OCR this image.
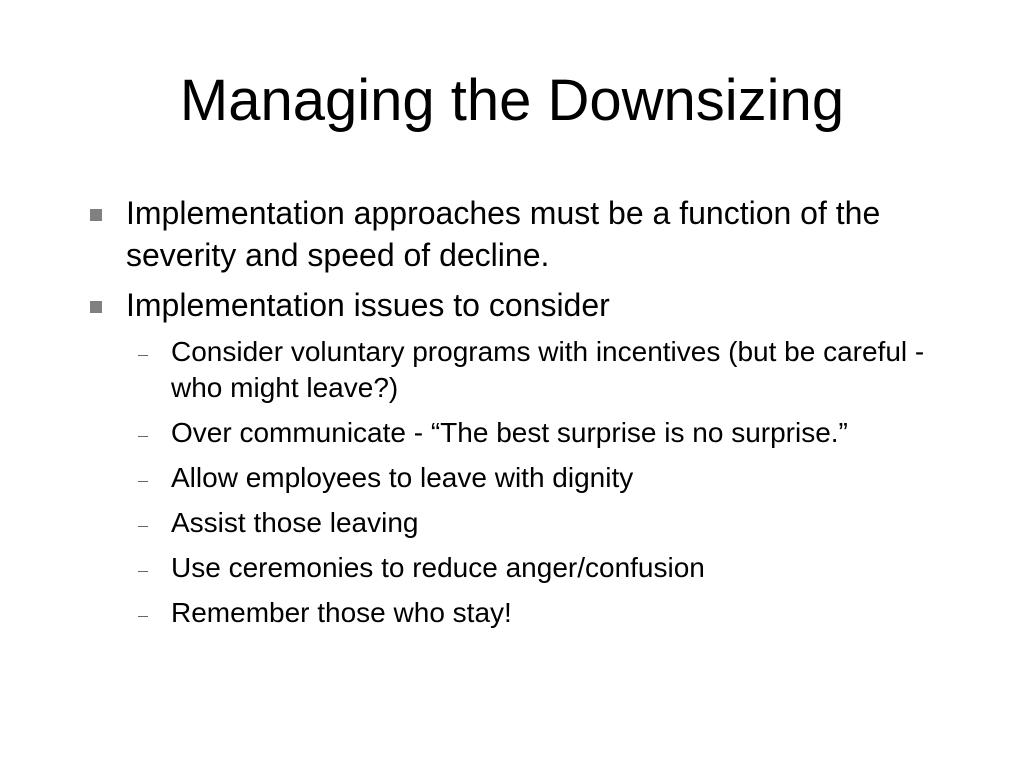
Managing the Downsizing
Implementation approaches must be a function of the severity and speed of decline.
Implementation issues to consider
Consider voluntary programs with incentives (but be careful - who might leave?)
Over communicate - “The best surprise is no surprise.”
Allow employees to leave with dignity
Assist those leaving
Use ceremonies to reduce anger/confusion
Remember those who stay!
